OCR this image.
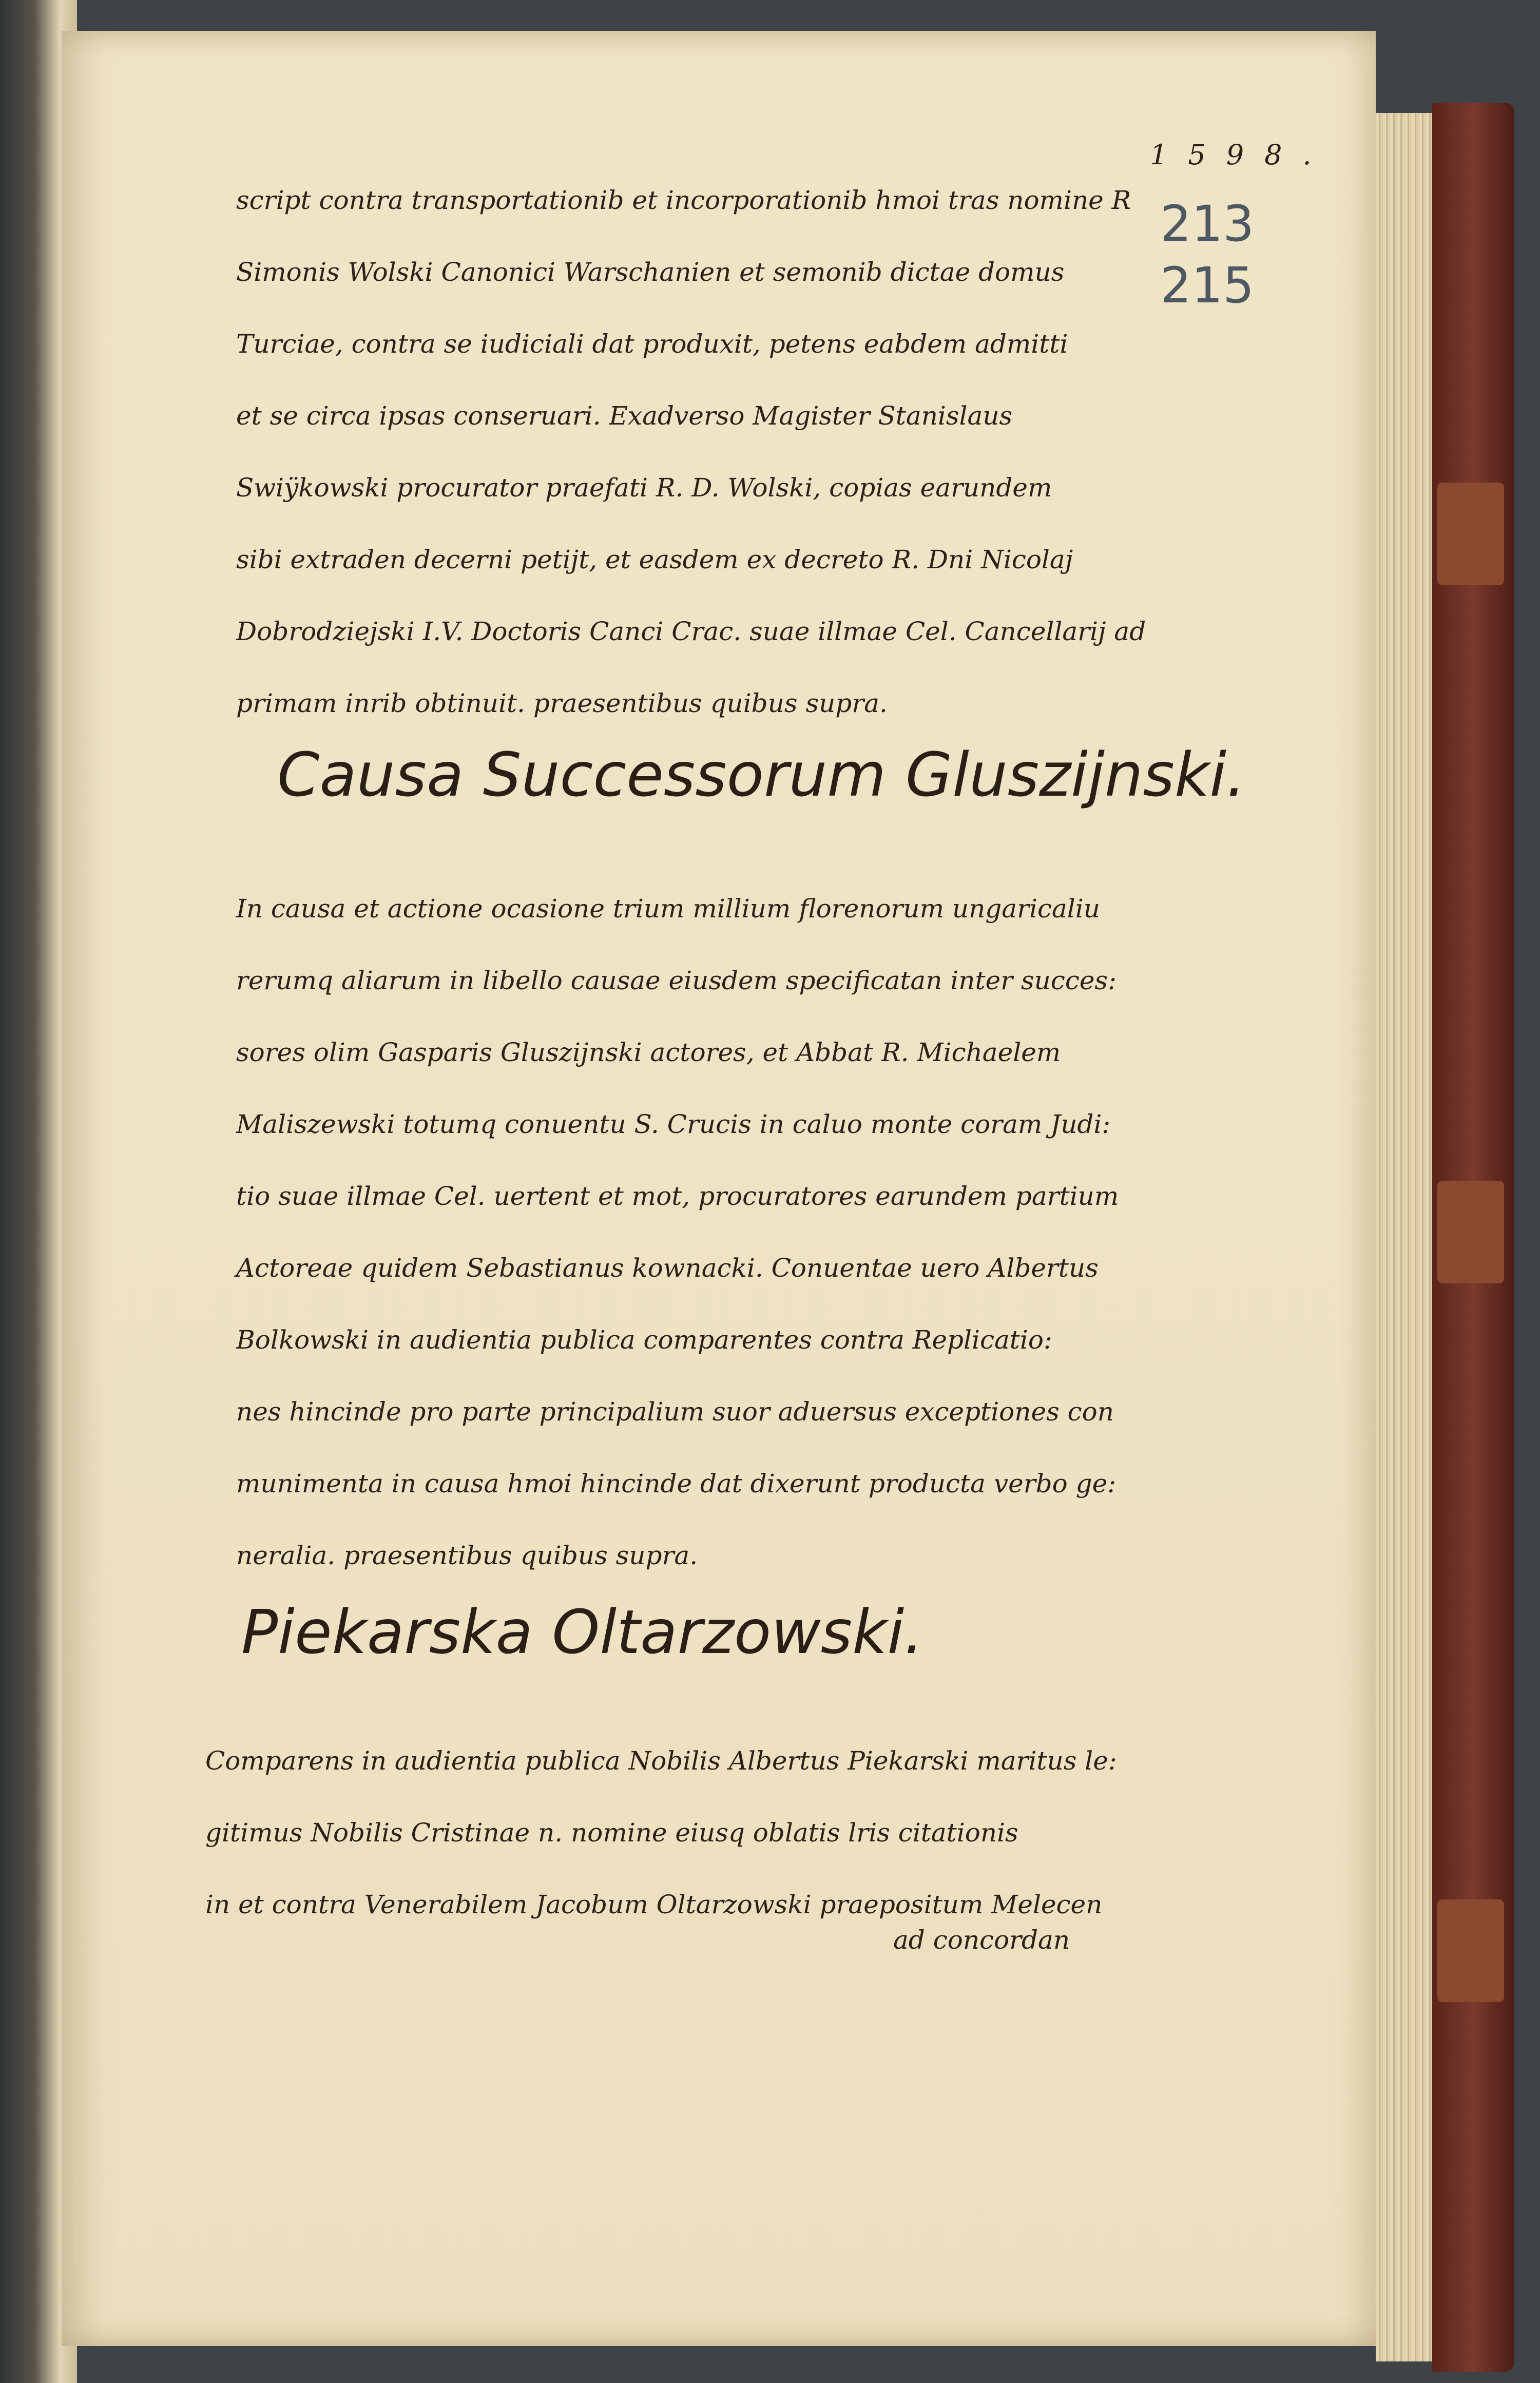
1598.
213
215
script contra transportationib et incorporationib hmoi tras nomine R
Simonis Wolski Canonici Warschanien et semonib dictae domus
Turciae, contra se iudiciali dat produxit, petens eabdem admitti
et se circa ipsas conseruari. Exadverso Magister Stanislaus
Swiÿkowski procurator praefati R. D. Wolski, copias earundem
sibi extraden decerni petijt, et easdem ex decreto R. Dni Nicolaj
Dobrodziejski I.V. Doctoris Canci Crac. suae illmae Cel. Cancellarij ad
primam inrib obtinuit. praesentibus quibus supra.
Causa Successorum Gluszijnski.
In causa et actione ocasione trium millium florenorum ungaricaliu
rerumq aliarum in libello causae eiusdem specificatan inter succes:
sores olim Gasparis Gluszijnski actores, et Abbat R. Michaelem
Maliszewski totumq conuentu S. Crucis in caluo monte coram Judi:
tio suae illmae Cel. uertent et mot, procuratores earundem partium
Actoreae quidem Sebastianus kownacki. Conuentae uero Albertus
Bolkowski in audientia publica comparentes contra Replicatio:
nes hincinde pro parte principalium suor aduersus exceptiones con
munimenta in causa hmoi hincinde dat dixerunt producta verbo ge:
neralia. praesentibus quibus supra.
Piekarska Oltarzowski.
Comparens in audientia publica Nobilis Albertus Piekarski maritus le:
gitimus Nobilis Cristinae n. nomine eiusq oblatis lris citationis
in et contra Venerabilem Jacobum Oltarzowski praepositum Melecen
ad concordan
